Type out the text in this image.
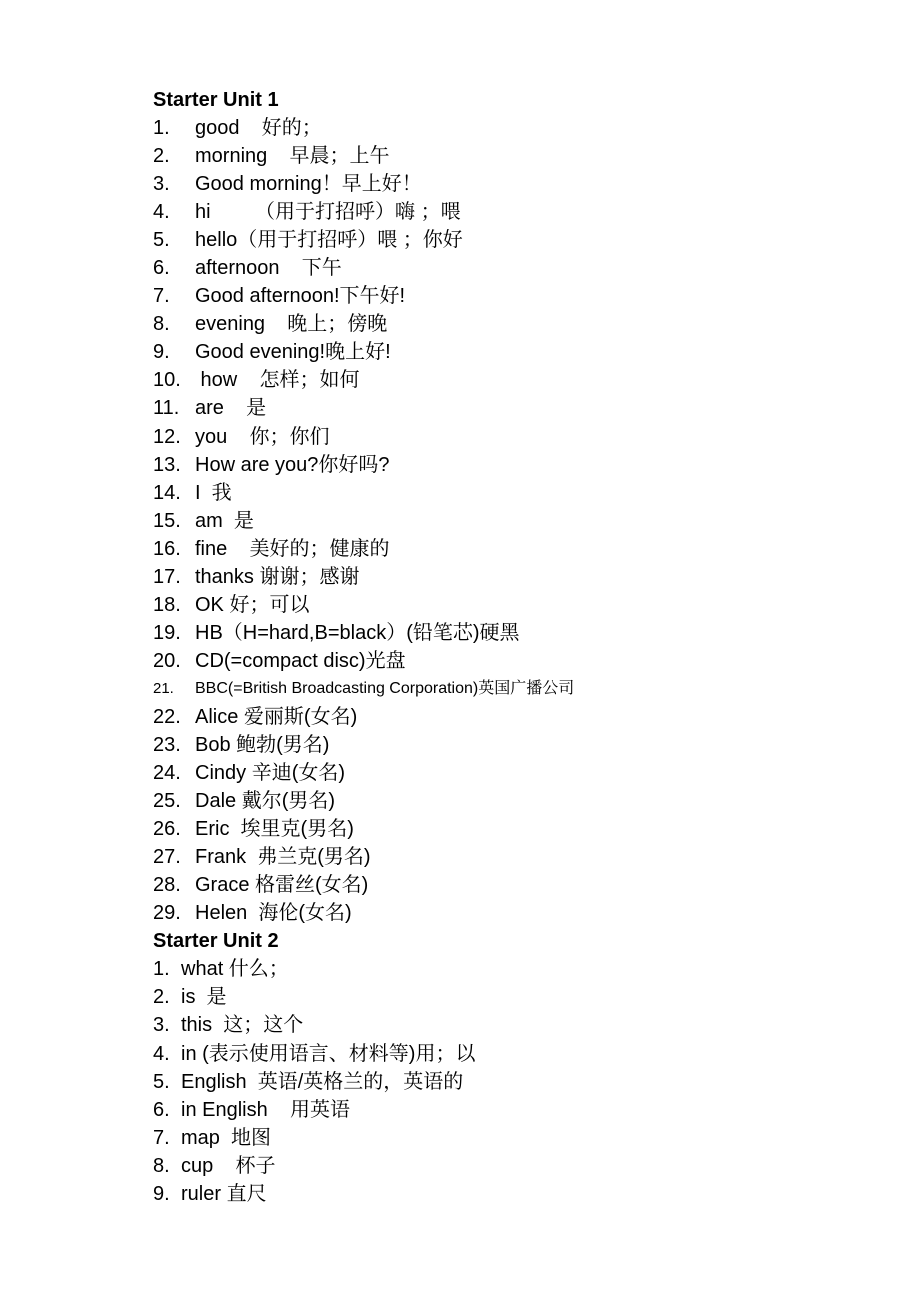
Starter Unit 1
1.	good    好的；
2.	morning    早晨；上午
3.	Good morning！早上好！
4.	hi        （用于打招呼）嗨 ；喂
5.	hello（用于打招呼）喂 ；你好
6.	afternoon    下午
7.	Good afternoon!下午好!
8.	evening    晚上；傍晚
9.	Good evening!晚上好!
10. how    怎样；如何
11. are    是
12. you    你；你们
13. How are you?你好吗?
14. I  我
15. am  是
16. fine    美好的；健康的
17. thanks 谢谢；感谢
18. OK 好；可以
19. HB（H=hard,B=black）(铅笔芯)硬黑
20. CD(=compact disc)光盘
21.	BBC(=British Broadcasting Corporation)英国广播公司
22. Alice 爱丽斯(女名)
23. Bob 鲍勃(男名)
24. Cindy 辛迪(女名)
25. Dale 戴尔(男名)
26. Eric  埃里克(男名)
27. Frank  弗兰克(男名)
28. Grace 格雷丝(女名)
29. Helen  海伦(女名)
Starter Unit 2
1. what 什么；
2. is  是
3. this  这；这个
4. in (表示使用语言、材料等)用；以
5. English  英语/英格兰的，英语的
6. in English    用英语
7. map  地图
8. cup    杯子
9. ruler 直尺
